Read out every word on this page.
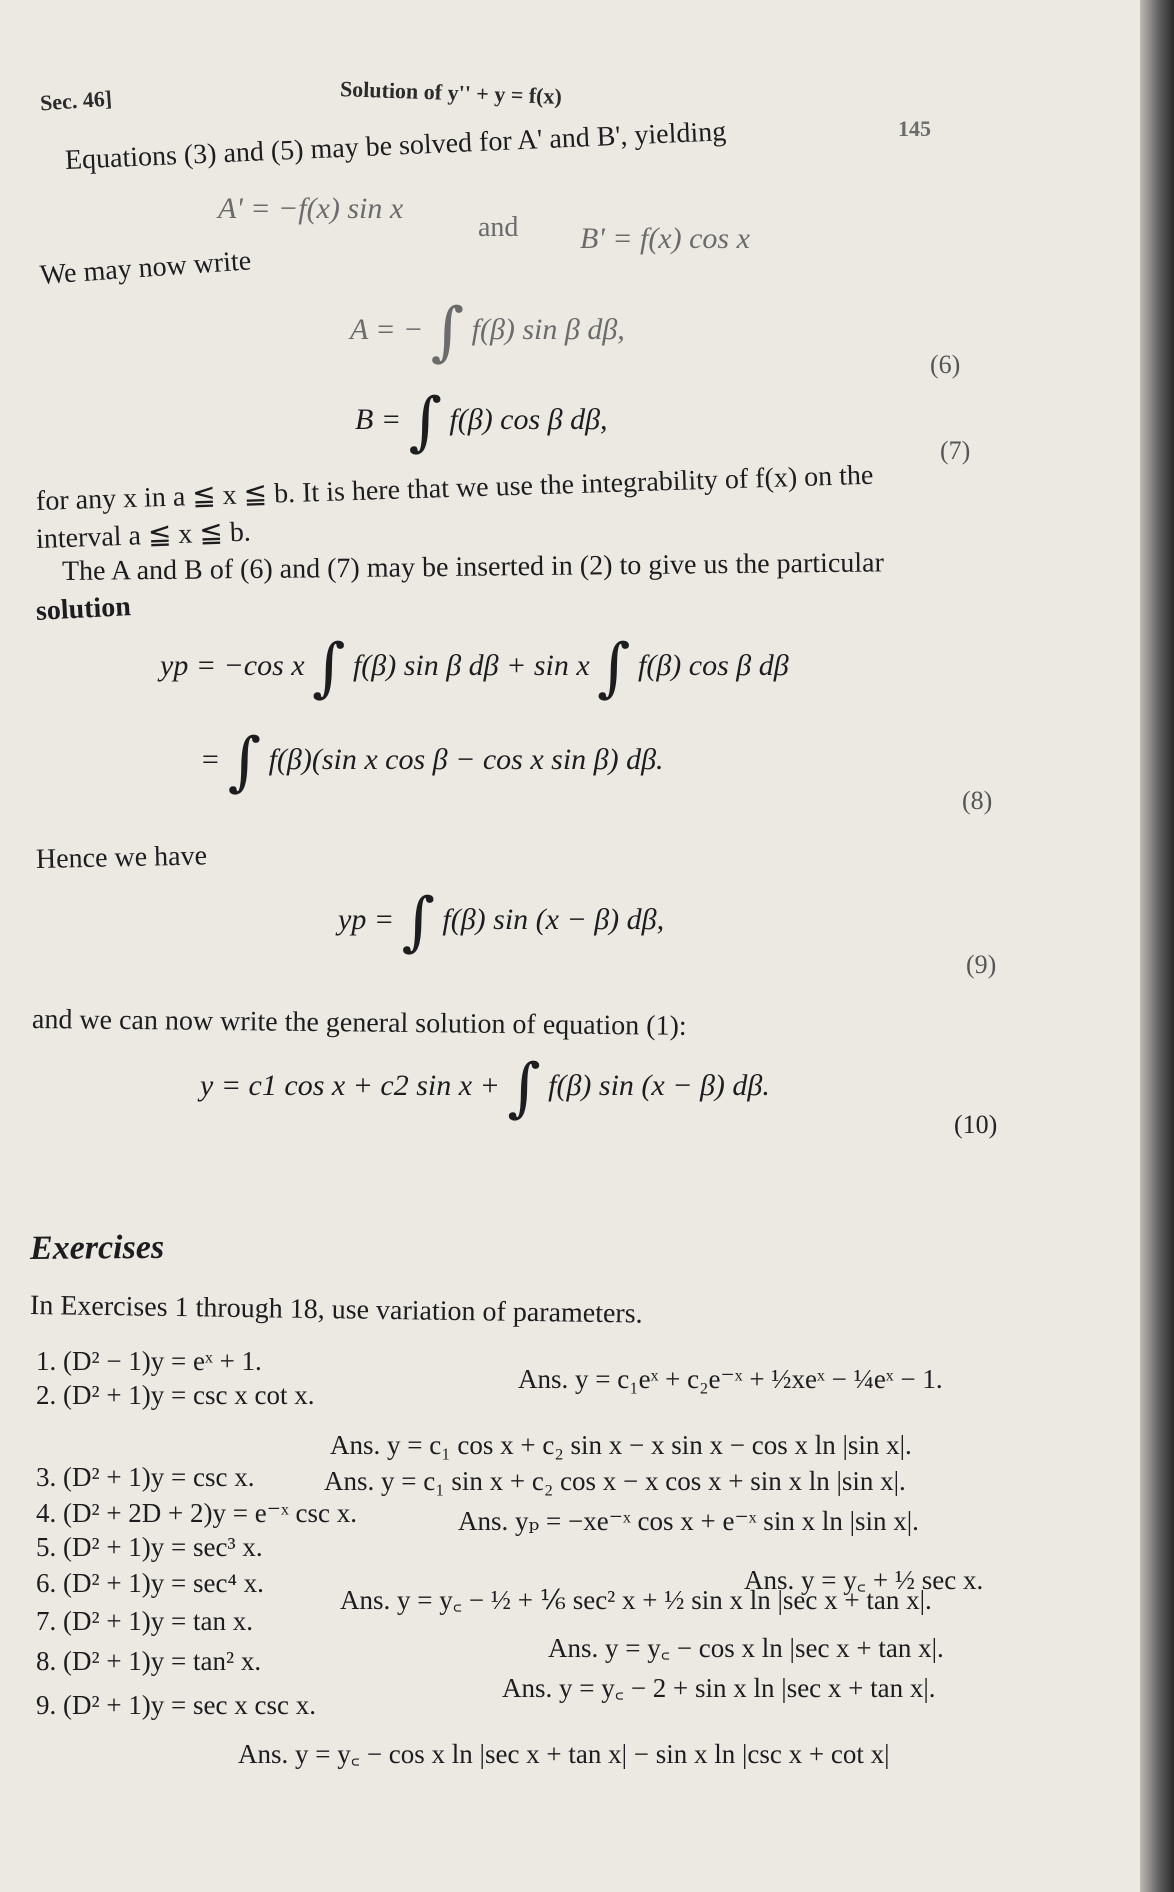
Sec. 46]	Solution of y'' + y = f(x)
145
Equations (3) and (5) may be solved for A' and B', yielding
A' = −f(x) sin x
and B' = f(x) cos x
We may now write
A = − ∫ f(β) sin β dβ,
(6)
B = ∫ f(β) cos β dβ,
(7)
for any x in a ≦ x ≦ b. It is here that we use the integrability of f(x) on the
interval a ≦ x ≦ b.
The A and B of (6) and (7) may be inserted in (2) to give us the particular
solution
yp = −cos x ∫ f(β) sin β dβ + sin x ∫ f(β) cos β dβ
= ∫ f(β)(sin x cos β − cos x sin β) dβ.
(8)
Hence we have
yp = ∫ f(β) sin (x − β) dβ,
(9)
and we can now write the general solution of equation (1):
y = c1 cos x + c2 sin x + ∫ f(β) sin (x − β) dβ.
(10)
Exercises
In Exercises 1 through 18, use variation of parameters.
1. (D² − 1)y = eˣ + 1.
Ans. y = c₁eˣ + c₂e⁻ˣ + ½xeˣ − ¼eˣ − 1.
2. (D² + 1)y = csc x cot x.
Ans. y = c₁ cos x + c₂ sin x − x sin x − cos x ln |sin x|.
3. (D² + 1)y = csc x.	Ans. y = c₁ sin x + c₂ cos x − x cos x + sin x ln |sin x|.
4. (D² + 2D + 2)y = e⁻ˣ csc x.	Ans. yₚ = −xe⁻ˣ cos x + e⁻ˣ sin x ln |sin x|.
5. (D² + 1)y = sec³ x.
Ans. y = y꜀ + ½ sec x.
6. (D² + 1)y = sec⁴ x.
Ans. y = y꜀ − ½ + ⅙ sec² x + ½ sin x ln |sec x + tan x|.
7. (D² + 1)y = tan x.
Ans. y = y꜀ − cos x ln |sec x + tan x|.
8. (D² + 1)y = tan² x.
Ans. y = y꜀ − 2 + sin x ln |sec x + tan x|.
9. (D² + 1)y = sec x csc x.
Ans. y = y꜀ − cos x ln |sec x + tan x| − sin x ln |csc x + cot x|
